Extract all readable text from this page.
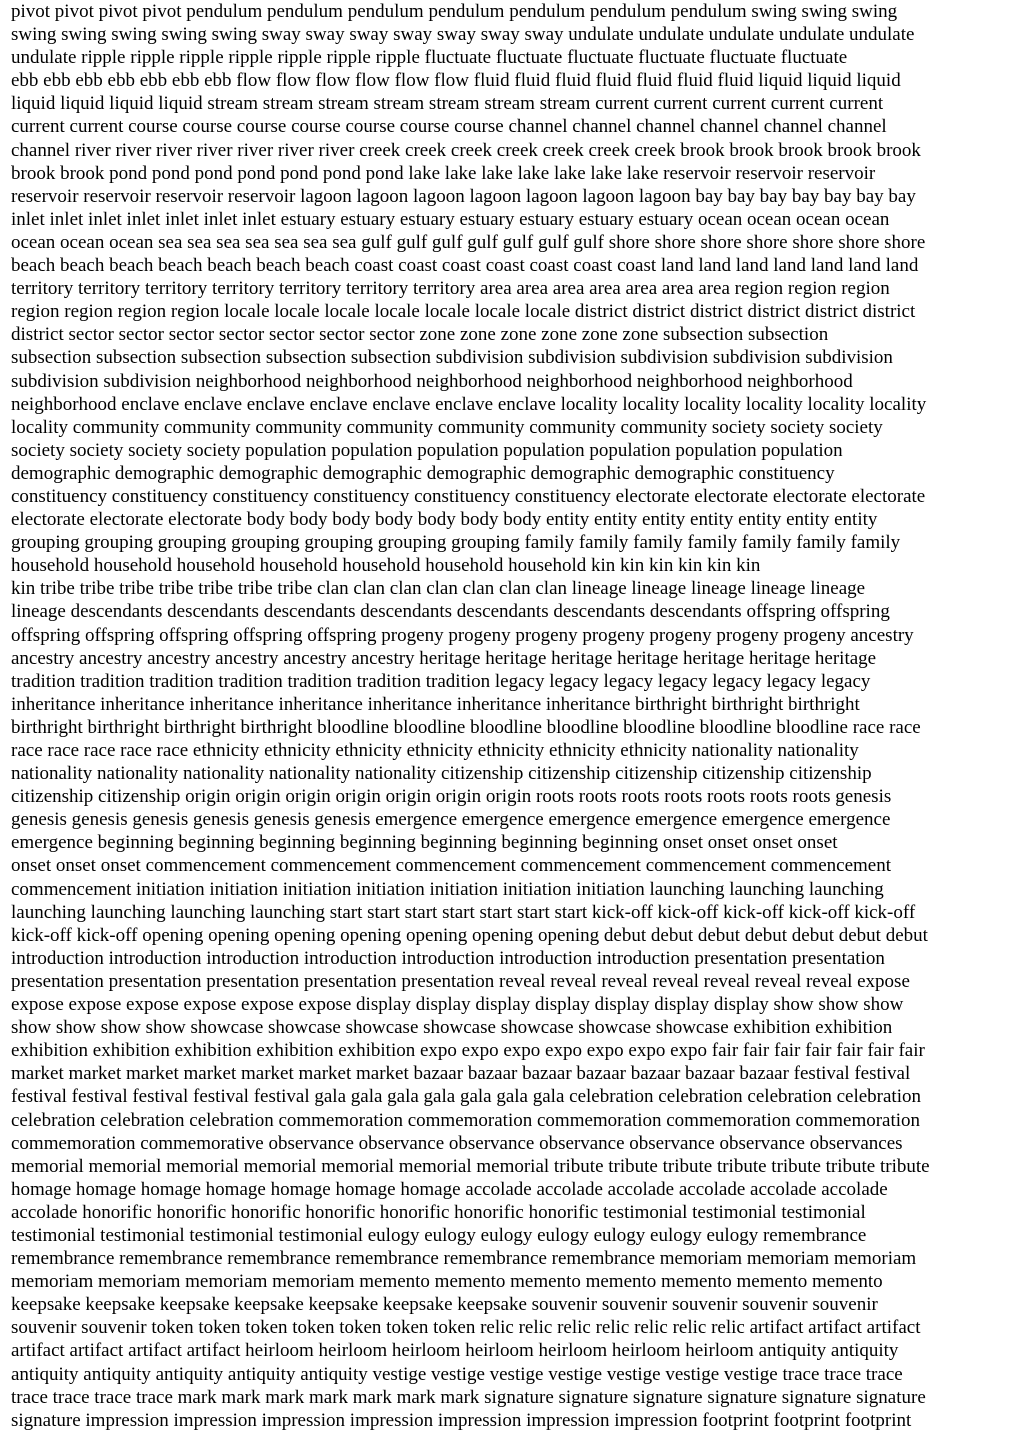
pivot pivot pivot pivot pendulum pendulum pendulum pendulum pendulum pendulum pendulum swing swing swing
swing swing swing swing swing sway sway sway sway sway sway sway undulate undulate undulate undulate undulate
undulate ripple ripple ripple ripple ripple ripple ripple fluctuate fluctuate fluctuate fluctuate fluctuate fluctuate
ebb ebb ebb ebb ebb ebb ebb flow flow flow flow flow flow fluid fluid fluid fluid fluid fluid fluid liquid liquid liquid
liquid liquid liquid liquid stream stream stream stream stream stream stream current current current current current
current current course course course course course course course channel channel channel channel channel channel
channel river river river river river river river creek creek creek creek creek creek creek brook brook brook brook brook
brook brook pond pond pond pond pond pond pond lake lake lake lake lake lake lake reservoir reservoir reservoir
reservoir reservoir reservoir reservoir lagoon lagoon lagoon lagoon lagoon lagoon lagoon bay bay bay bay bay bay bay
inlet inlet inlet inlet inlet inlet inlet estuary estuary estuary estuary estuary estuary estuary ocean ocean ocean ocean
ocean ocean ocean sea sea sea sea sea sea sea gulf gulf gulf gulf gulf gulf gulf shore shore shore shore shore shore shore
beach beach beach beach beach beach beach coast coast coast coast coast coast coast land land land land land land land
territory territory territory territory territory territory territory area area area area area area area region region region
region region region region locale locale locale locale locale locale locale district district district district district district
district sector sector sector sector sector sector sector zone zone zone zone zone zone subsection subsection
subsection subsection subsection subsection subsection subdivision subdivision subdivision subdivision subdivision
subdivision subdivision neighborhood neighborhood neighborhood neighborhood neighborhood neighborhood
neighborhood enclave enclave enclave enclave enclave enclave enclave locality locality locality locality locality locality
locality community community community community community community community society society society
society society society society population population population population population population population
demographic demographic demographic demographic demographic demographic demographic constituency
constituency constituency constituency constituency constituency constituency electorate electorate electorate electorate
electorate electorate electorate body body body body body body body entity entity entity entity entity entity entity
grouping grouping grouping grouping grouping grouping grouping family family family family family family family
household household household household household household household kin kin kin kin kin kin
kin tribe tribe tribe tribe tribe tribe tribe clan clan clan clan clan clan clan lineage lineage lineage lineage lineage
lineage descendants descendants descendants descendants descendants descendants descendants offspring offspring
offspring offspring offspring offspring offspring progeny progeny progeny progeny progeny progeny progeny ancestry
ancestry ancestry ancestry ancestry ancestry ancestry heritage heritage heritage heritage heritage heritage heritage
tradition tradition tradition tradition tradition tradition tradition legacy legacy legacy legacy legacy legacy legacy
inheritance inheritance inheritance inheritance inheritance inheritance inheritance birthright birthright birthright
birthright birthright birthright birthright bloodline bloodline bloodline bloodline bloodline bloodline bloodline race race
race race race race race ethnicity ethnicity ethnicity ethnicity ethnicity ethnicity ethnicity nationality nationality
nationality nationality nationality nationality nationality citizenship citizenship citizenship citizenship citizenship
citizenship citizenship origin origin origin origin origin origin origin roots roots roots roots roots roots roots genesis
genesis genesis genesis genesis genesis genesis emergence emergence emergence emergence emergence emergence
emergence beginning beginning beginning beginning beginning beginning beginning onset onset onset onset
onset onset onset commencement commencement commencement commencement commencement commencement
commencement initiation initiation initiation initiation initiation initiation initiation launching launching launching
launching launching launching launching start start start start start start start kick-off kick-off kick-off kick-off kick-off
kick-off kick-off opening opening opening opening opening opening opening debut debut debut debut debut debut debut
introduction introduction introduction introduction introduction introduction introduction presentation presentation
presentation presentation presentation presentation presentation reveal reveal reveal reveal reveal reveal reveal expose
expose expose expose expose expose expose display display display display display display display show show show
show show show show showcase showcase showcase showcase showcase showcase showcase exhibition exhibition
exhibition exhibition exhibition exhibition exhibition expo expo expo expo expo expo expo fair fair fair fair fair fair fair
market market market market market market market bazaar bazaar bazaar bazaar bazaar bazaar bazaar festival festival
festival festival festival festival festival gala gala gala gala gala gala gala celebration celebration celebration celebration
celebration celebration celebration commemoration commemoration commemoration commemoration commemoration
commemoration commemorative observance observance observance observance observance observance observances
memorial memorial memorial memorial memorial memorial memorial tribute tribute tribute tribute tribute tribute tribute
homage homage homage homage homage homage homage accolade accolade accolade accolade accolade accolade
accolade honorific honorific honorific honorific honorific honorific honorific testimonial testimonial testimonial
testimonial testimonial testimonial testimonial eulogy eulogy eulogy eulogy eulogy eulogy eulogy remembrance
remembrance remembrance remembrance remembrance remembrance remembrance memoriam memoriam memoriam
memoriam memoriam memoriam memoriam memento memento memento memento memento memento memento
keepsake keepsake keepsake keepsake keepsake keepsake keepsake souvenir souvenir souvenir souvenir souvenir
souvenir souvenir token token token token token token token relic relic relic relic relic relic relic artifact artifact artifact
artifact artifact artifact artifact heirloom heirloom heirloom heirloom heirloom heirloom heirloom antiquity antiquity
antiquity antiquity antiquity antiquity antiquity vestige vestige vestige vestige vestige vestige vestige trace trace trace
trace trace trace trace mark mark mark mark mark mark mark signature signature signature signature signature signature
signature impression impression impression impression impression impression impression footprint footprint footprint
